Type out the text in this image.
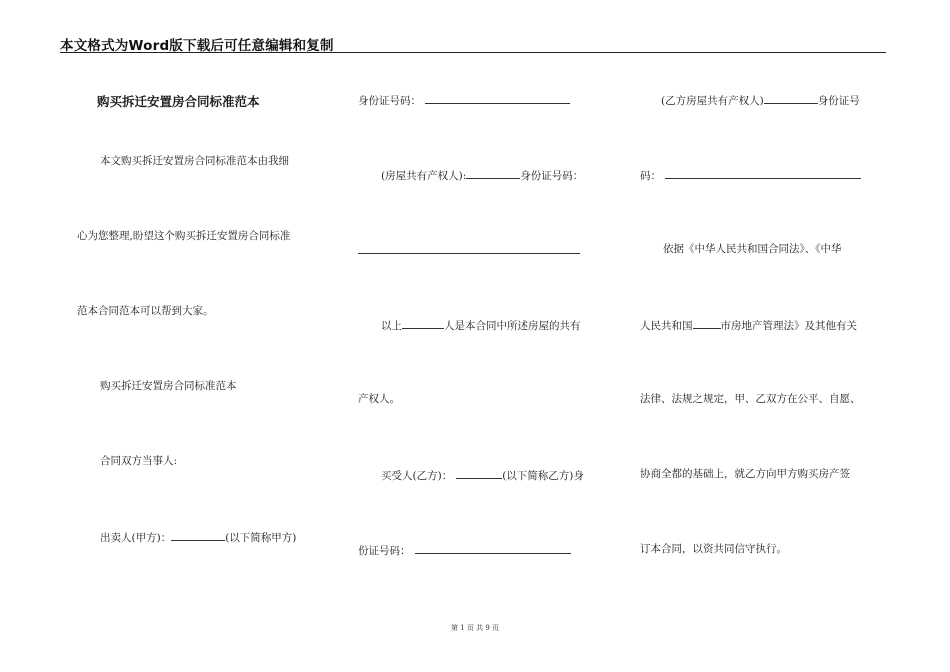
本文格式为Word版下载后可任意编辑和复制
购买拆迁安置房合同标准范本
本文购买拆迁安置房合同标准范本由我细
心为您整理,盼望这个购买拆迁安置房合同标准
范本合同范本可以帮到大家。
购买拆迁安置房合同标准范本
合同双方当事人:
出卖人(甲方)：	(以下简称甲方)
身份证号码：
(房屋共有产权人):	身份证号码：
以上	人是本合同中所述房屋的共有
产权人。
买受人(乙方)：	(以下简称乙方)身
份证号码：
(乙方房屋共有产权人)	身份证号
码：
依据《中华人民共和国合同法》、《中华
人民共和国	市房地产管理法》及其他有关
法律、法规之规定，甲、乙双方在公平、自愿、
协商全都的基础上，就乙方向甲方购买房产签
订本合同，以资共同信守执行。
第 1 页 共 9 页
